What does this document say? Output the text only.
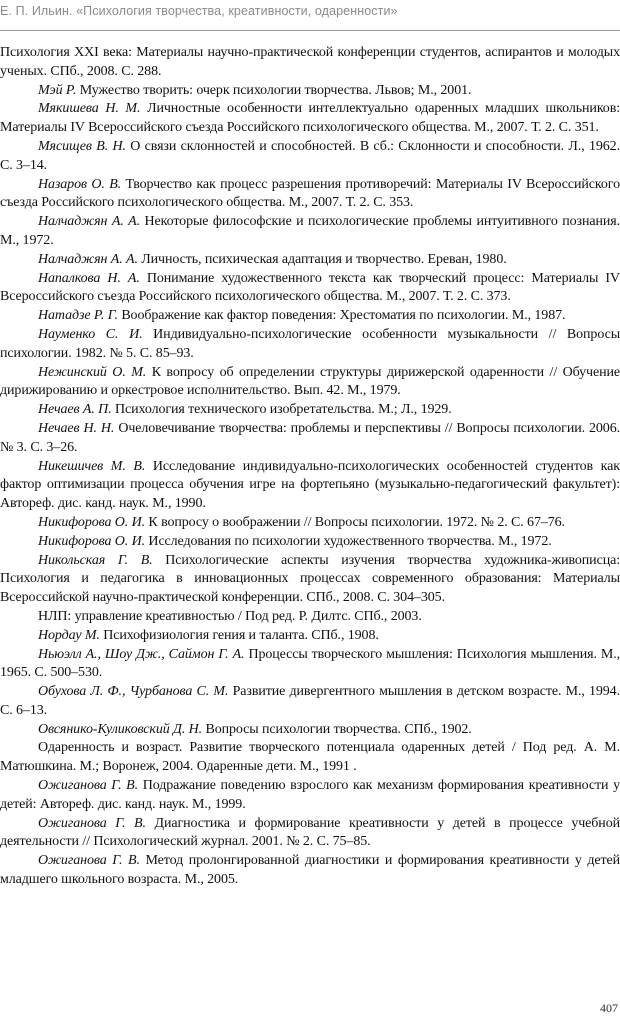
Е. П. Ильин. «Психология творчества, креативности, одаренности»

Психология XXI века: Материалы научно-практической конференции студентов, аспирантов и молодых ученых. СПб., 2008. С. 288.

Мэй Р. Мужество творить: очерк психологии творчества. Львов; М., 2001.

Мякишева Н. М. Личностные особенности интеллектуально одаренных младших школьников: Материалы IV Всероссийского съезда Российского психологического общества. М., 2007. Т. 2. С. 351.

Мясищев В. Н. О связи склонностей и способностей. В сб.: Склонности и способности. Л., 1962. С. 3–14.

Назаров О. В. Творчество как процесс разрешения противоречий: Материалы IV Всероссийского съезда Российского психологического общества. М., 2007. Т. 2. С. 353.

Налчаджян А. А. Некоторые философские и психологические проблемы интуитивного познания. М., 1972.

Налчаджян А. А. Личность, психическая адаптация и творчество. Ереван, 1980.

Напалкова Н. А. Понимание художественного текста как творческий процесс: Материалы IV Всероссийского съезда Российского психологического общества. М., 2007. Т. 2. С. 373.

Натадзе Р. Г. Воображение как фактор поведения: Хрестоматия по психологии. М., 1987.

Науменко С. И. Индивидуально-психологические особенности музыкальности // Вопросы психологии. 1982. № 5. С. 85–93.

Нежинский О. М. К вопросу об определении структуры дирижерской одаренности // Обучение дирижированию и оркестровое исполнительство. Вып. 42. М., 1979.

Нечаев А. П. Психология технического изобретательства. М.; Л., 1929.

Нечаев Н. Н. Очеловечивание творчества: проблемы и перспективы // Вопросы психологии. 2006. № 3. С. 3–26.

Никешичев М. В. Исследование индивидуально-психологических особенностей студентов как фактор оптимизации процесса обучения игре на фортепьяно (музыкально-педагогический факультет): Автореф. дис. канд. наук. М., 1990.

Никифорова О. И. К вопросу о воображении // Вопросы психологии. 1972. № 2. С. 67–76.

Никифорова О. И. Исследования по психологии художественного творчества. М., 1972.

Никольская Г. В. Психологические аспекты изучения творчества художника-живописца: Психология и педагогика в инновационных процессах современного образования: Материалы Всероссийской научно-практической конференции. СПб., 2008. С. 304–305.

НЛП: управление креативностью / Под ред. Р. Дилтс. СПб., 2003.

Нордау М. Психофизиология гения и таланта. СПб., 1908.

Ньюэлл А., Шоу Дж., Саймон Г. А. Процессы творческого мышления: Психология мышления. М., 1965. С. 500–530.

Обухова Л. Ф., Чурбанова С. М. Развитие дивергентного мышления в детском возрасте. М., 1994. С. 6–13.

Овсянико-Куликовский Д. Н. Вопросы психологии творчества. СПб., 1902.

Одаренность и возраст. Развитие творческого потенциала одаренных детей / Под ред. А. М. Матюшкина. М.; Воронеж, 2004. Одаренные дети. М., 1991 .

Ожиганова Г. В. Подражание поведению взрослого как механизм формирования креативности у детей: Автореф. дис. канд. наук. М., 1999.

Ожиганова Г. В. Диагностика и формирование креативности у детей в процессе учебной деятельности // Психологический журнал. 2001. № 2. С. 75–85.

Ожиганова Г. В. Метод пролонгированной диагностики и формирования креативности у детей младшего школьного возраста. М., 2005.

407
